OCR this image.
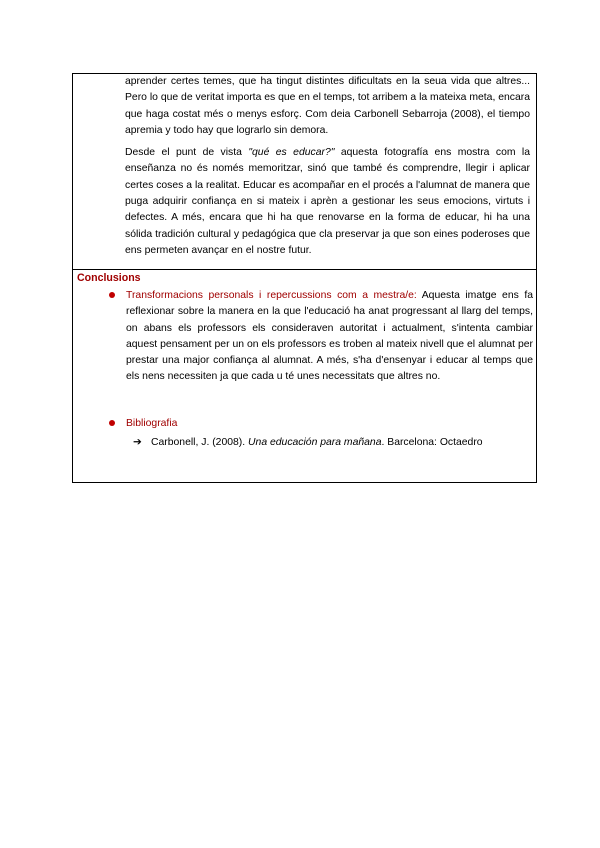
aprender certes temes, que ha tingut distintes dificultats en la seua vida que altres... Pero lo que de veritat importa es que en el temps, tot arribem a la mateixa meta, encara que haga costat més o menys esforç. Com deia Carbonell Sebarroja (2008), el tiempo apremia y todo hay que lograrlo sin demora.

Desde el punt de vista "qué es educar?" aquesta fotografía ens mostra com la enseñanza no és només memoritzar, sinó que també és comprendre, llegir i aplicar certes coses a la realitat. Educar es acompañar en el procés a l'alumnat de manera que puga adquirir confiança en si mateix i aprèn a gestionar les seus emocions, virtuts i defectes. A més, encara que hi ha que renovarse en la forma de educar, hi ha una sólida tradición cultural y pedagógica que cla preservar ja que son eines poderoses que ens permeten avançar en el nostre futur.

Conclusions
Transformacions personals i repercussions com a mestra/e: Aquesta imatge ens fa reflexionar sobre la manera en la que l'educació ha anat progressant al llarg del temps, on abans els professors els consideraven autoritat i actualment, s'intenta cambiar aquest pensament per un on els professors es troben al mateix nivell que el alumnat per prestar una major confiança al alumnat. A més, s'ha d'ensenyar i educar al temps que els nens necessiten ja que cada u té unes necessitats que altres no.
Bibliografia
➔ Carbonell, J. (2008). Una educación para mañana. Barcelona: Octaedro
